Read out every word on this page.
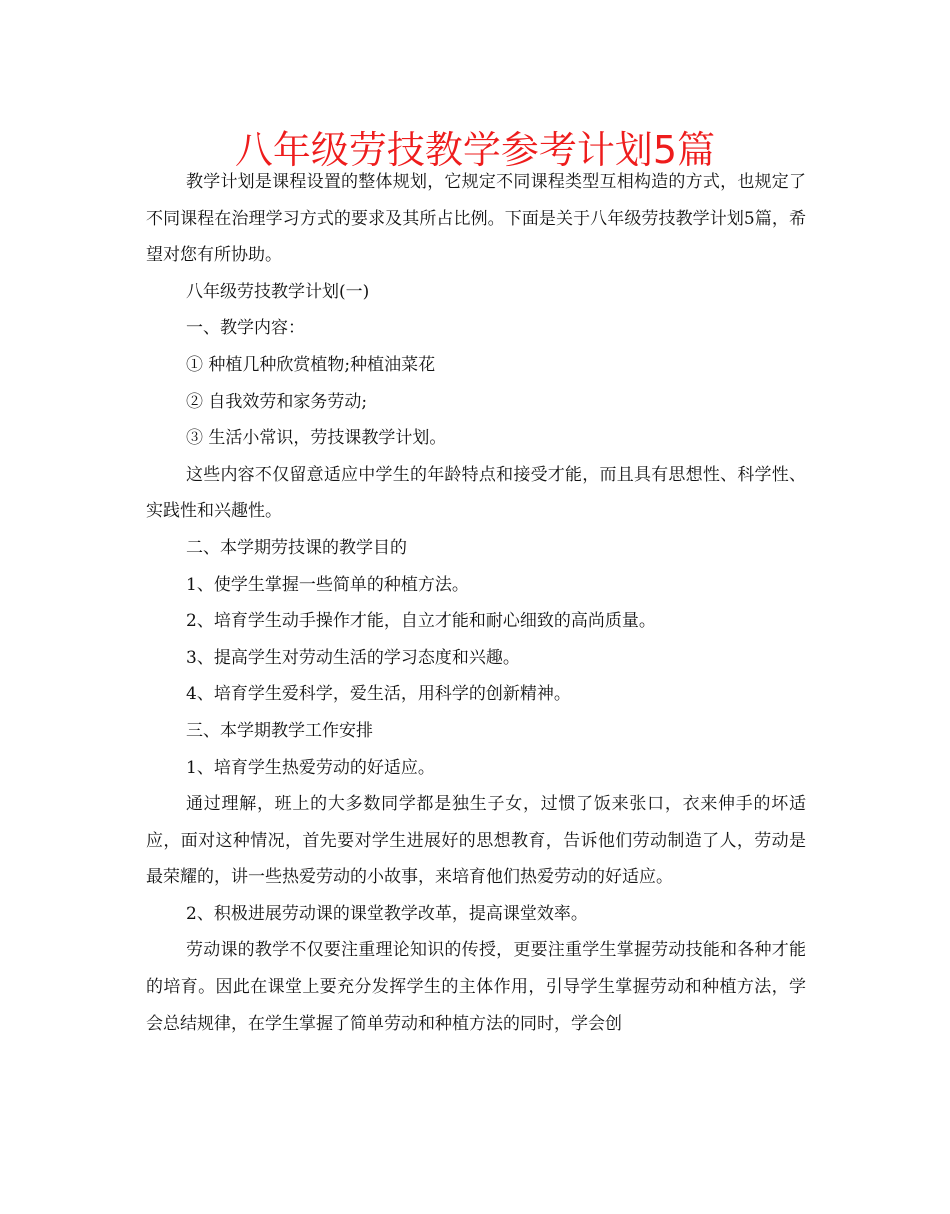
八年级劳技教学参考计划5篇

教学计划是课程设置的整体规划，它规定不同课程类型互相构造的方式，也规定了不同课程在治理学习方式的要求及其所占比例。下面是关于八年级劳技教学计划5篇，希望对您有所协助。

八年级劳技教学计划(一)

一、教学内容：

① 种植几种欣赏植物;种植油菜花

② 自我效劳和家务劳动;

③ 生活小常识，劳技课教学计划。

这些内容不仅留意适应中学生的年龄特点和接受才能，而且具有思想性、科学性、实践性和兴趣性。

二、本学期劳技课的教学目的

1、使学生掌握一些简单的种植方法。

2、培育学生动手操作才能，自立才能和耐心细致的高尚质量。

3、提高学生对劳动生活的学习态度和兴趣。

4、培育学生爱科学，爱生活，用科学的创新精神。

三、本学期教学工作安排

1、培育学生热爱劳动的好适应。

通过理解，班上的大多数同学都是独生子女，过惯了饭来张口，衣来伸手的坏适应，面对这种情况，首先要对学生进展好的思想教育，告诉他们劳动制造了人，劳动是最荣耀的，讲一些热爱劳动的小故事，来培育他们热爱劳动的好适应。

2、积极进展劳动课的课堂教学改革，提高课堂效率。

劳动课的教学不仅要注重理论知识的传授，更要注重学生掌握劳动技能和各种才能的培育。因此在课堂上要充分发挥学生的主体作用，引导学生掌握劳动和种植方法，学会总结规律，在学生掌握了简单劳动和种植方法的同时，学会创
